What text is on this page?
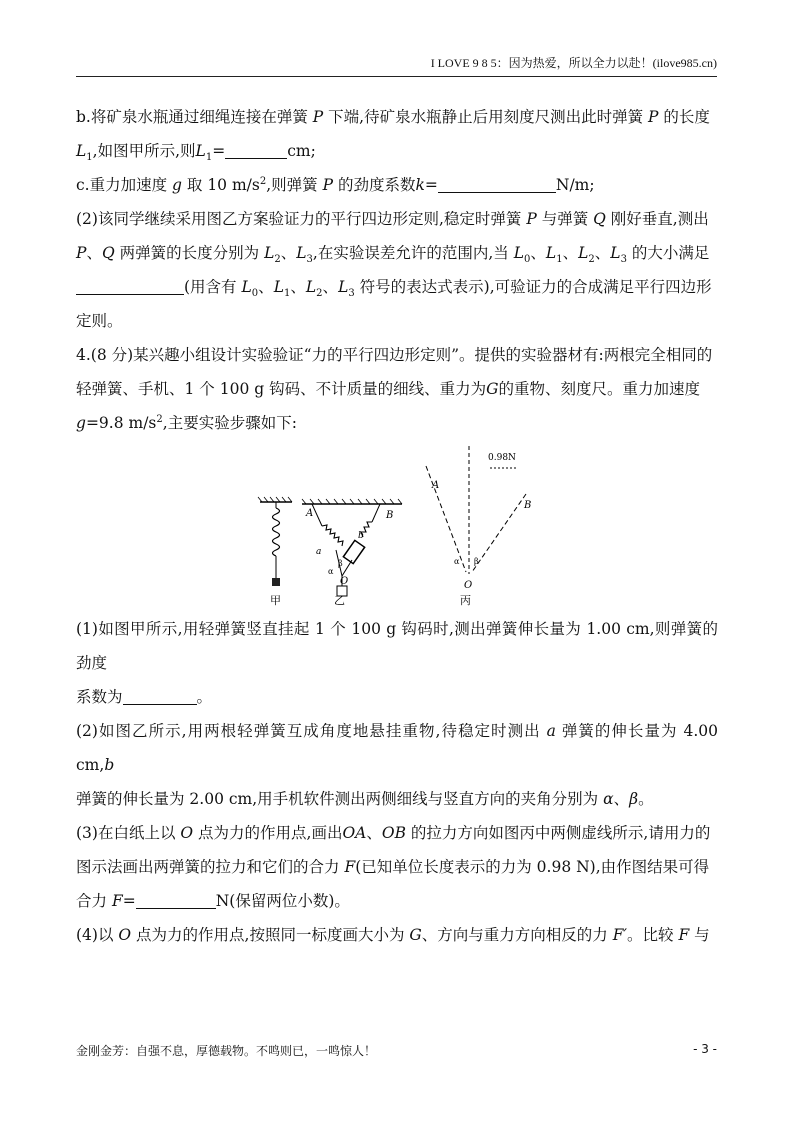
I LOVE 9 8 5：因为热爱，所以全力以赴！(ilove985.cn)

b.将矿泉水瓶通过细绳连接在弹簧 P 下端,待矿泉水瓶静止后用刻度尺测出此时弹簧 P 的长度

$L_1$,如图甲所示,则$L_1=$	cm;

c.重力加速度 g 取 10 $m/s^2$,则弹簧 P 的劲度系数k=	N/m;

(2)该同学继续采用图乙方案验证力的平行四边形定则,稳定时弹簧 P 与弹簧 Q 刚好垂直,测出

P、Q 两弹簧的长度分别为 $L_2$、$L_3$,在实验误差允许的范围内,当 $L_0$、$L_1$、$L_2$、$L_3$ 的大小满足

(用含有 $L_0$、$L_1$、$L_2$、$L_3$ 符号的表达式表示),可验证力的合成满足平行四边形

定则。

4.(8 分)某兴趣小组设计实验验证“力的平行四边形定则”。提供的实验器材有:两根完全相同的

轻弹簧、手机、1 个 100 g 钩码、不计质量的细线、重力为G的重物、刻度尺。重力加速度

g=9.8 $m/s^2$,主要实验步骤如下:

甲
A	B
a
b
α
β
O
乙
A
B
0.98N
α β
O
丙

(1)如图甲所示,用轻弹簧竖直挂起 1 个 100 g 钩码时,测出弹簧伸长量为 1.00 cm,则弹簧的劲度

系数为	。

(2)如图乙所示,用两根轻弹簧互成角度地悬挂重物,待稳定时测出 a 弹簧的伸长量为 4.00 cm,b

弹簧的伸长量为 2.00 cm,用手机软件测出两侧细线与竖直方向的夹角分别为 α、β。

(3)在白纸上以 O 点为力的作用点,画出OA、OB 的拉力方向如图丙中两侧虚线所示,请用力的

图示法画出两弹簧的拉力和它们的合力 F(已知单位长度表示的力为 0.98 N),由作图结果可得

合力 F=	N(保留两位小数)。

(4)以 O 点为力的作用点,按照同一标度画大小为 G、方向与重力方向相反的力 F′。比较 F 与

金刚金芳：自强不息，厚德载物。不鸣则已，一鸣惊人！	- 3 -
